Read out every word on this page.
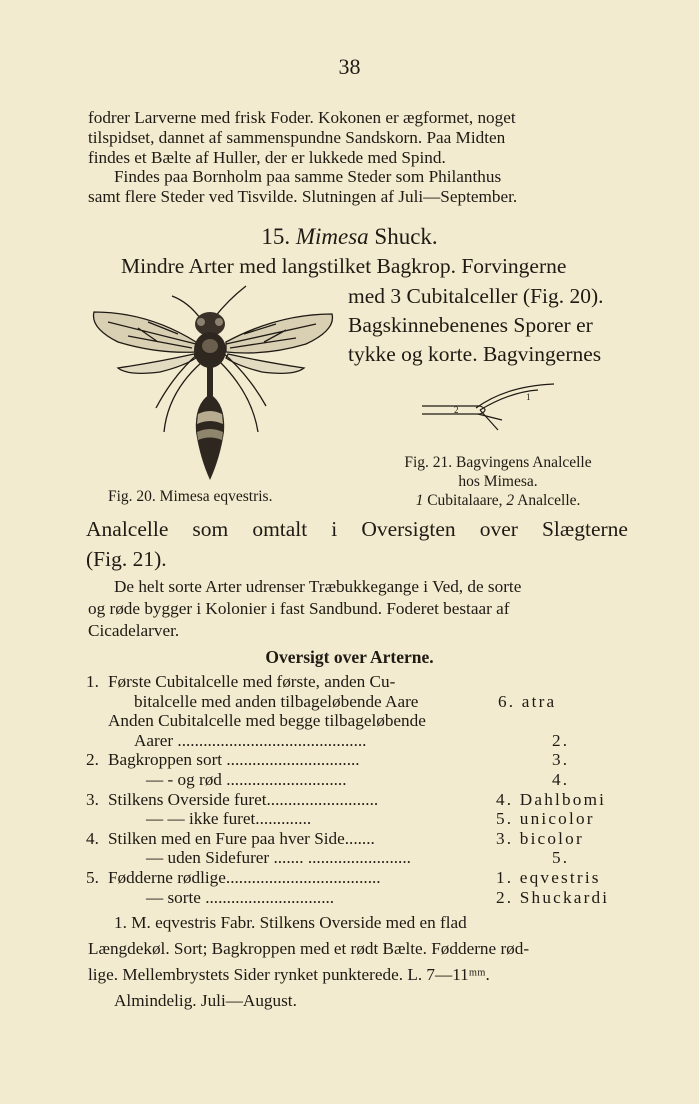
38
fodrer Larverne med frisk Foder. Kokonen er ægformet, noget
tilspidset, dannet af sammenspundne Sandskorn. Paa Midten
findes et Bælte af Huller, der er lukkede med Spind.
Findes paa Bornholm paa samme Steder som Philanthus
samt flere Steder ved Tisvilde. Slutningen af Juli—September.
15. Mimesa Shuck.
Mindre Arter med langstilket Bagkrop. Forvingerne
med 3 Cubitalceller (Fig. 20).
Bagskinnebenenes Sporer er
tykke og korte. Bagvingernes
2
1
Fig. 20. Mimesa eqvestris.
Fig. 21. Bagvingens Analcelle
hos Mimesa.
1 Cubitalaare, 2 Analcelle.
Analcelle som omtalt i Oversigten over Slægterne
(Fig. 21).
De helt sorte Arter udrenser Træbukkegange i Ved, de sorte
og røde bygger i Kolonier i fast Sandbund. Foderet bestaar af
Cicadelarver.
Oversigt over Arterne.
1. Første Cubitalcelle med første, anden Cu-
bitalcelle med anden tilbageløbende Aare	6. atra
Anden Cubitalcelle med begge tilbageløbende
Aarer ............................................	2.
2. Bagkroppen sort ...............................	3.
— - og rød ............................	4.
3. Stilkens Overside furet..........................	4. Dahlbomi
— — ikke furet.............	5. unicolor
4. Stilken med en Fure paa hver Side.......	3. bicolor
— uden Sidefurer ....... ........................	5.
5. Fødderne rødlige....................................	1. eqvestris
— sorte ..............................	2. Shuckardi
1. M. eqvestris Fabr. Stilkens Overside med en flad
Længdekøl. Sort; Bagkroppen med et rødt Bælte. Fødderne rød-
lige. Mellembrystets Sider rynket punkterede. L. 7—11ᵐᵐ.
Almindelig. Juli—August.
